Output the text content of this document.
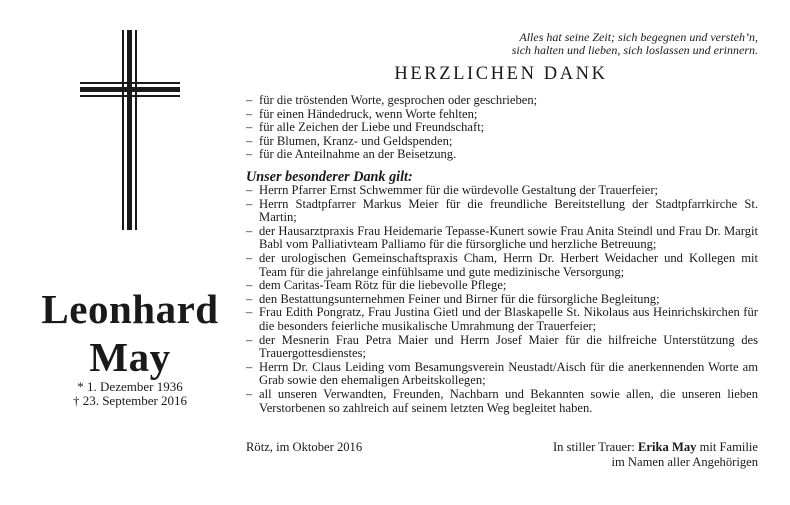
Leonhard
May
* 1. Dezember 1936
† 23. September 2016
Alles hat seine Zeit; sich begegnen und versteh’n,
sich halten und lieben, sich loslassen und erinnern.
HERZLICHEN DANK
– für die tröstenden Worte, gesprochen oder geschrieben;
– für einen Händedruck, wenn Worte fehlten;
– für alle Zeichen der Liebe und Freundschaft;
– für Blumen, Kranz- und Geldspenden;
– für die Anteilnahme an der Beisetzung.
Unser besonderer Dank gilt:
– Herrn Pfarrer Ernst Schwemmer für die würdevolle Gestaltung der Trauerfeier;
– Herrn Stadtpfarrer Markus Meier für die freundliche Bereitstellung der Stadtpfarrkirche St. Martin;
– der Hausarztpraxis Frau Heidemarie Tepasse-Kunert sowie Frau Anita Steindl und Frau Dr. Margit Babl vom Palliativteam Palliamo für die fürsorgliche und herzliche Betreuung;
– der urologischen Gemeinschaftspraxis Cham, Herrn Dr. Herbert Weidacher und Kollegen mit Team für die jahrelange einfühlsame und gute medizinische Versorgung;
– dem Caritas-Team Rötz für die liebevolle Pflege;
– den Bestattungsunternehmen Feiner und Birner für die fürsorgliche Begleitung;
– Frau Edith Pongratz, Frau Justina Gietl und der Blaskapelle St. Nikolaus aus Heinrichskirchen für die besonders feierliche musikalische Umrahmung der Trauerfeier;
– der Mesnerin Frau Petra Maier und Herrn Josef Maier für die hilfreiche Unterstützung des Trauergottesdienstes;
– Herrn Dr. Claus Leiding vom Besamungsverein Neustadt/Aisch für die anerkennenden Worte am Grab sowie den ehemaligen Arbeitskollegen;
– all unseren Verwandten, Freunden, Nachbarn und Bekannten sowie allen, die unseren lieben Verstorbenen so zahlreich auf seinem letzten Weg begleitet haben.
Rötz, im Oktober 2016	In stiller Trauer: Erika May mit Familie
im Namen aller Angehörigen
